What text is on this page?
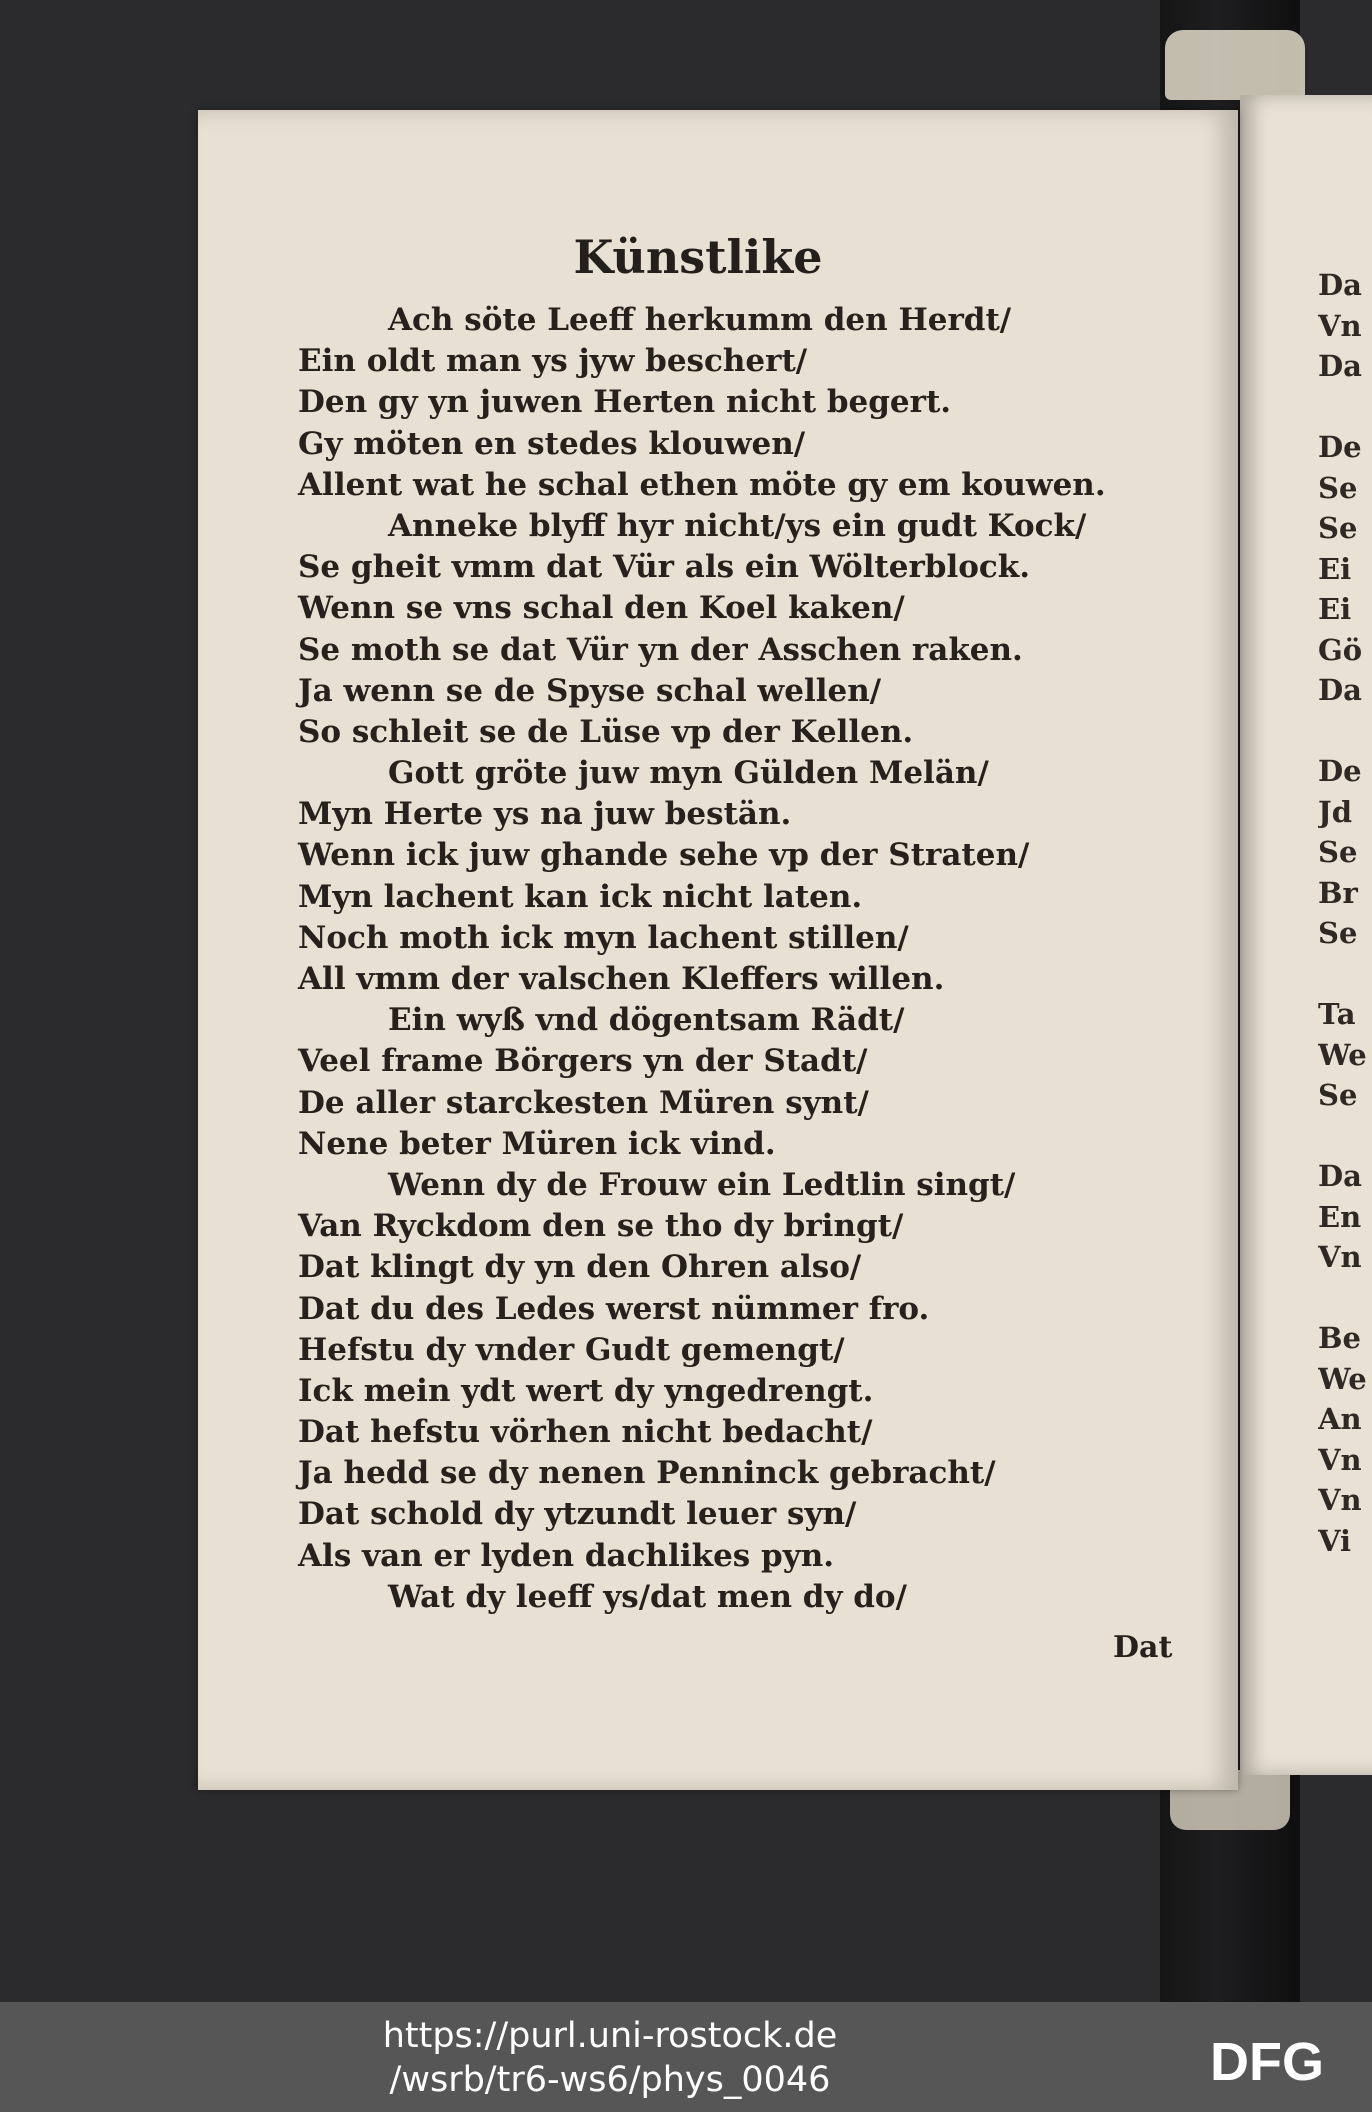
Da
Vn
Da
De
Se
Se
Ei
Ei
Gö
Da
De
Jd
Se
Br
Se
Ta
We
Se
Da
En
Vn
Be
We
An
Vn
Vn
Vi
Künstlike
Ach söte Leeff herkumm den Herdt/
Ein oldt man ys jyw beschert/
Den gy yn juwen Herten nicht begert.
Gy möten en stedes klouwen/
Allent wat he schal ethen möte gy em kouwen.
Anneke blyff hyr nicht/ys ein gudt Kock/
Se gheit vmm dat Vür als ein Wölterblock.
Wenn se vns schal den Koel kaken/
Se moth se dat Vür yn der Asschen raken.
Ja wenn se de Spyse schal wellen/
So schleit se de Lüse vp der Kellen.
Gott gröte juw myn Gülden Melän/
Myn Herte ys na juw bestän.
Wenn ick juw ghande sehe vp der Straten/
Myn lachent kan ick nicht laten.
Noch moth ick myn lachent stillen/
All vmm der valschen Kleffers willen.
Ein wyß vnd dögentsam Rädt/
Veel frame Börgers yn der Stadt/
De aller starckesten Müren synt/
Nene beter Müren ick vind.
Wenn dy de Frouw ein Ledtlin singt/
Van Ryckdom den se tho dy bringt/
Dat klingt dy yn den Ohren also/
Dat du des Ledes werst nümmer fro.
Hefstu dy vnder Gudt gemengt/
Ick mein ydt wert dy yngedrengt.
Dat hefstu vörhen nicht bedacht/
Ja hedd se dy nenen Penninck gebracht/
Dat schold dy ytzundt leuer syn/
Als van er lyden dachlikes pyn.
Wat dy leeff ys/dat men dy do/
Dat
https://purl.uni-rostock.de
/wsrb/tr6-ws6/phys_0046	DFG
